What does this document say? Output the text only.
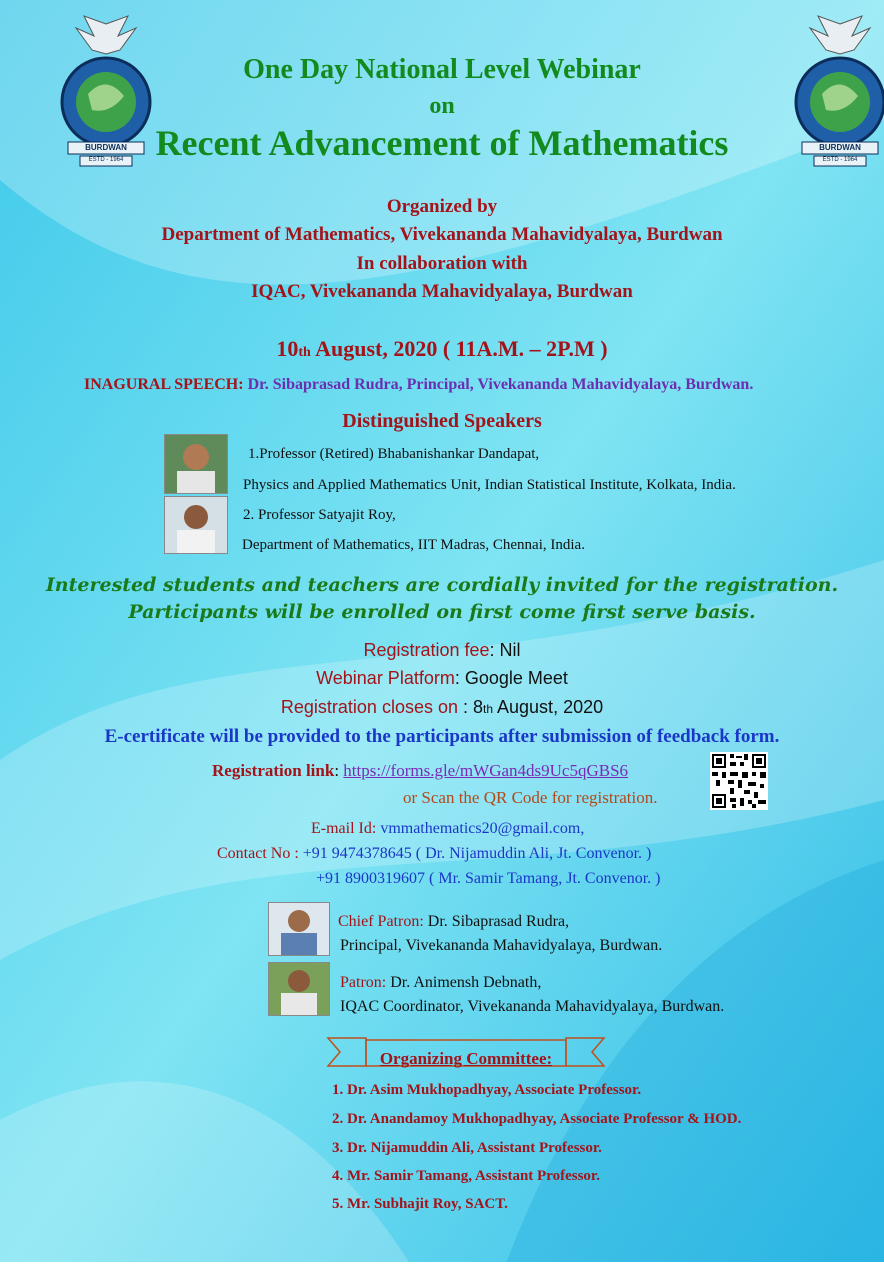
BURDWAN
ESTD - 1964
BURDWAN
ESTD - 1964
One Day National Level Webinar
on
Recent Advancement of Mathematics
Organized by
Department of Mathematics, Vivekananda Mahavidyalaya, Burdwan
In collaboration with
IQAC, Vivekananda Mahavidyalaya, Burdwan
10th August, 2020 ( 11A.M. – 2P.M )
INAGURAL SPEECH: Dr. Sibaprasad Rudra, Principal, Vivekananda Mahavidyalaya, Burdwan.
Distinguished Speakers
1.Professor (Retired) Bhabanishankar Dandapat,
Physics and Applied Mathematics Unit, Indian Statistical Institute, Kolkata, India.
2. Professor Satyajit Roy,
Department of Mathematics, IIT Madras, Chennai, India.
Interested students and teachers are cordially invited for the registration.
Participants will be enrolled on first come first serve basis.
Registration fee: Nil
Webinar Platform: Google Meet
Registration closes on : 8th August, 2020
E-certificate will be provided to the participants after submission of feedback form.
Registration link: https://forms.gle/mWGan4ds9Uc5qGBS6
or Scan the QR Code for registration.
E-mail Id: vmmathematics20@gmail.com,
Contact No : +91 9474378645 ( Dr. Nijamuddin Ali, Jt. Convenor. )
+91 8900319607 ( Mr. Samir Tamang, Jt. Convenor. )
Chief Patron: Dr. Sibaprasad Rudra,
Principal, Vivekananda Mahavidyalaya, Burdwan.
Patron: Dr. Animensh Debnath,
IQAC Coordinator, Vivekananda Mahavidyalaya, Burdwan.
Organizing Committee:
1. Dr. Asim Mukhopadhyay, Associate Professor.
2. Dr. Anandamoy Mukhopadhyay, Associate Professor & HOD.
3. Dr. Nijamuddin Ali, Assistant Professor.
4. Mr. Samir Tamang, Assistant Professor.
5. Mr. Subhajit Roy, SACT.
